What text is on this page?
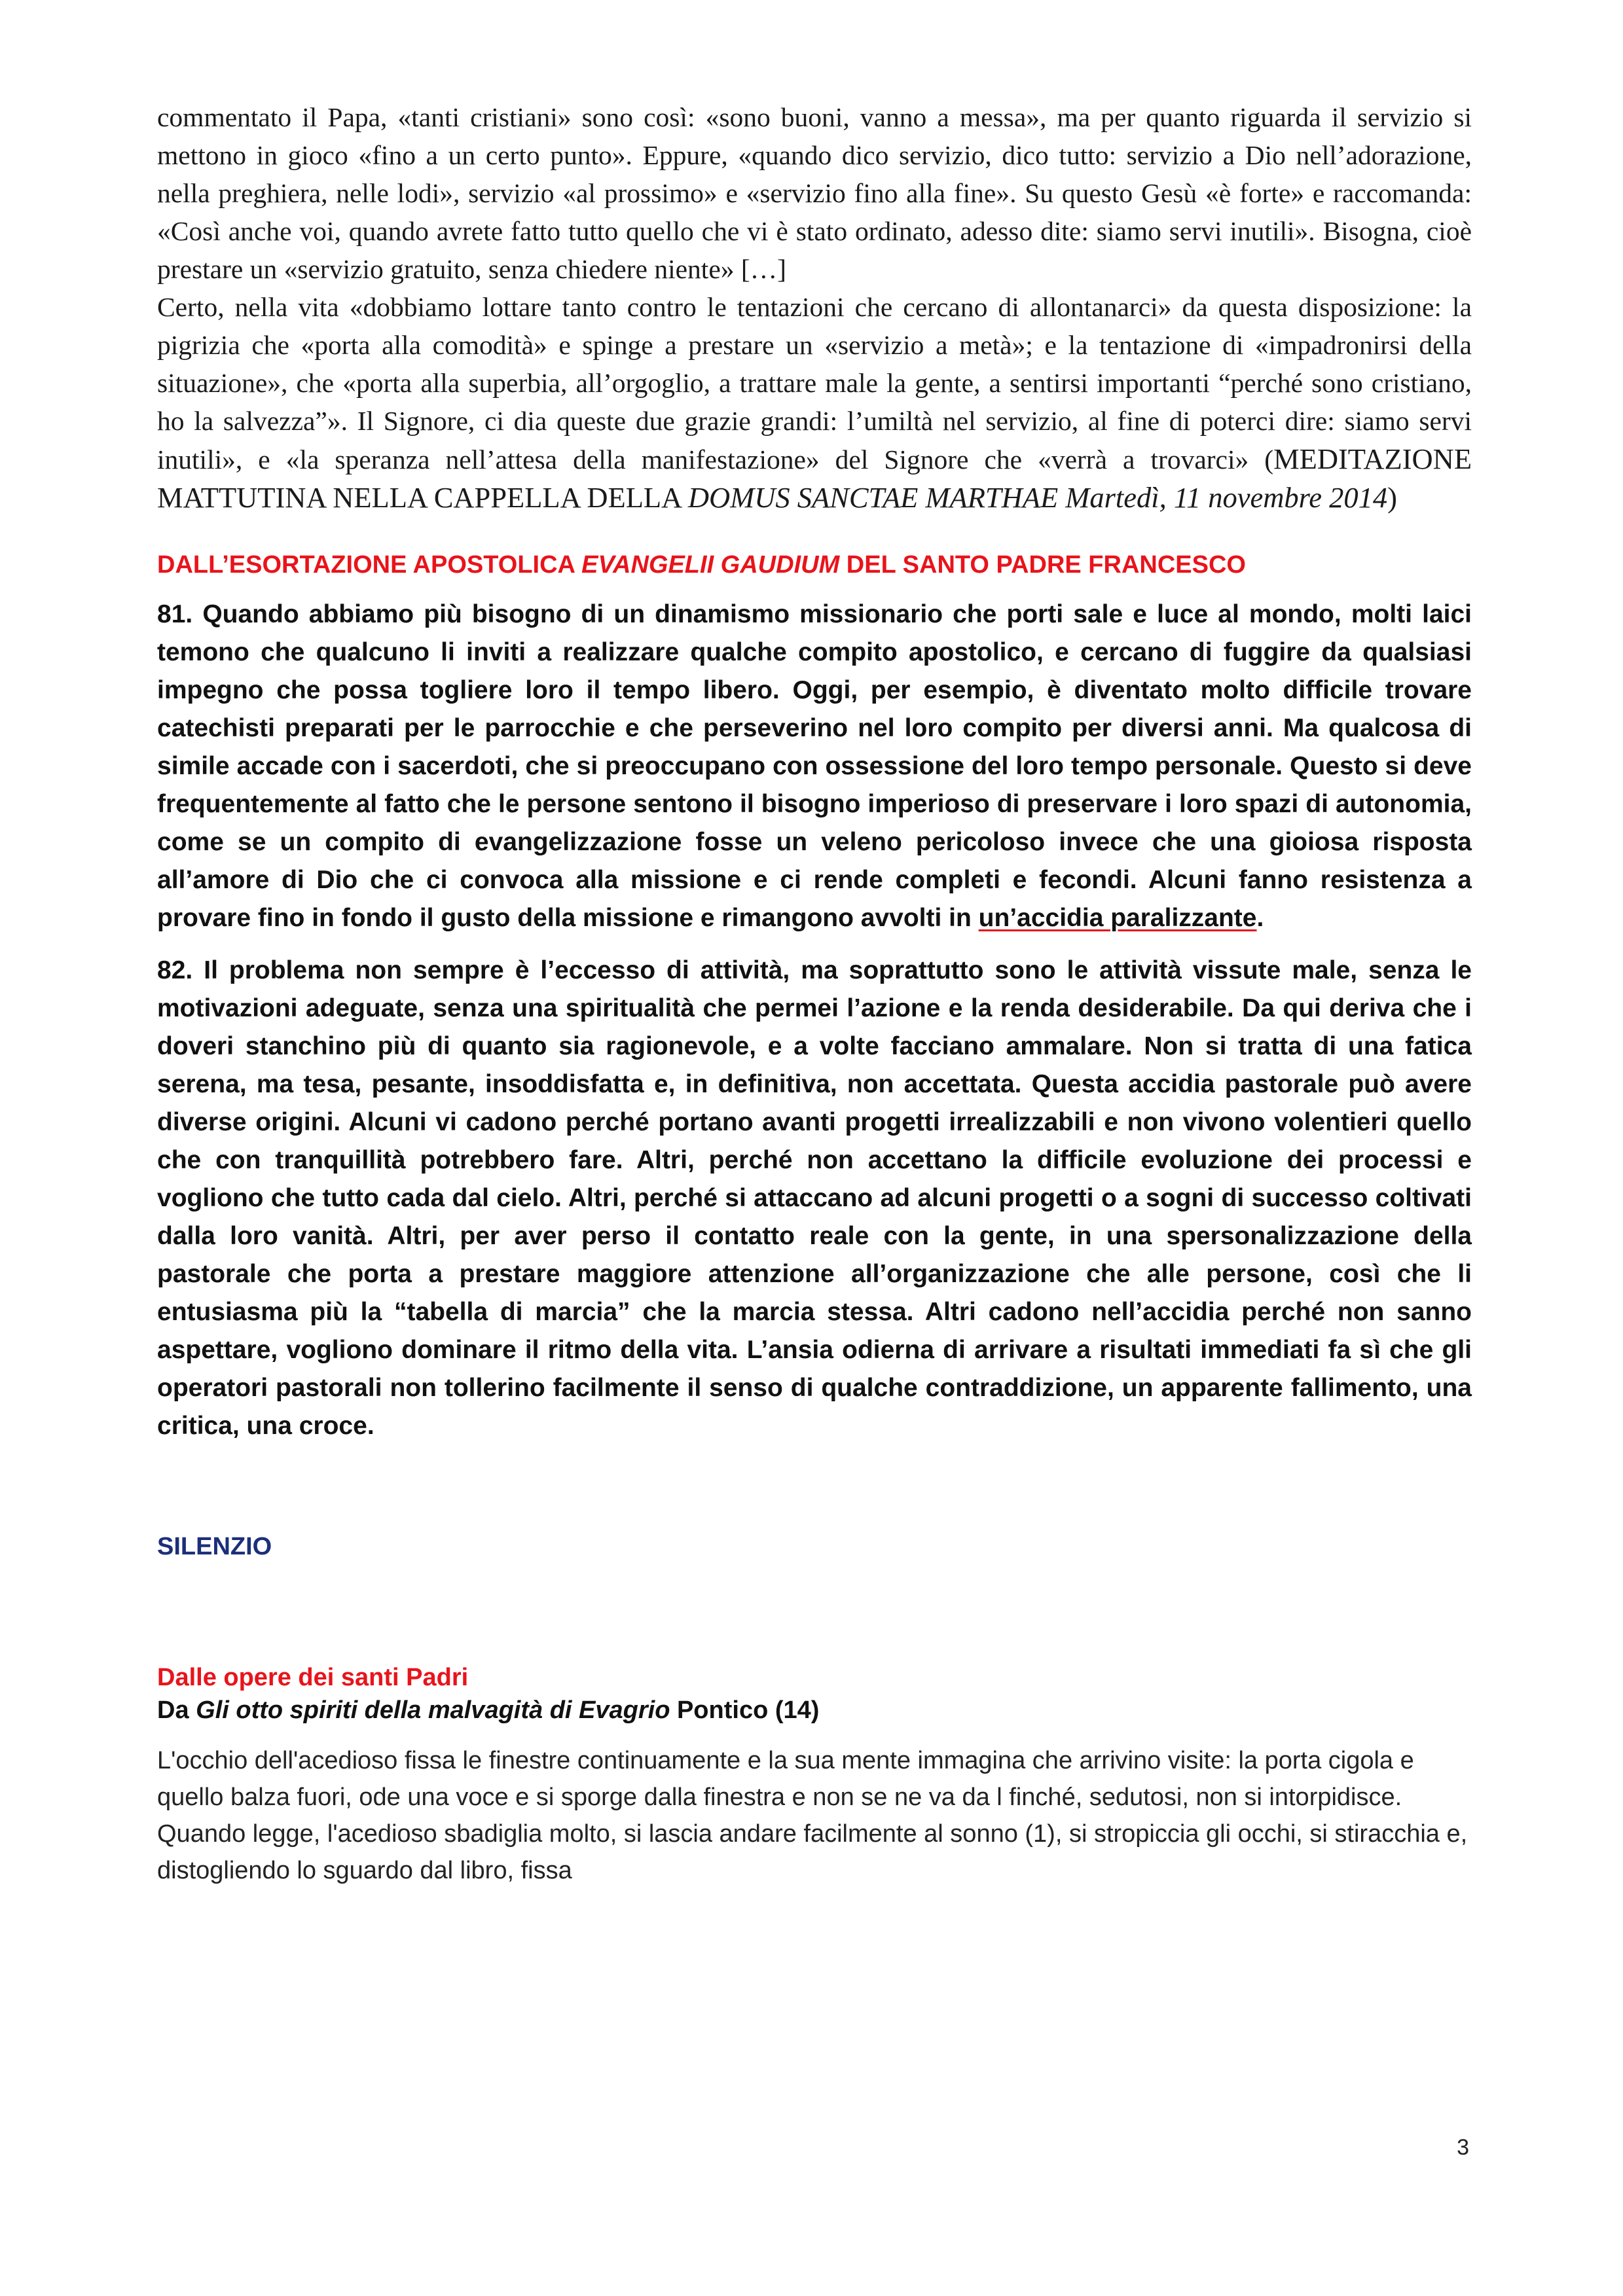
commentato il Papa, «tanti cristiani» sono così: «sono buoni, vanno a messa», ma per quanto riguarda il servizio si mettono in gioco «fino a un certo punto». Eppure, «quando dico servizio, dico tutto: servizio a Dio nell’adorazione, nella preghiera, nelle lodi», servizio «al prossimo» e «servizio fino alla fine». Su questo Gesù «è forte» e raccomanda: «Così anche voi, quando avrete fatto tutto quello che vi è stato ordinato, adesso dite: siamo servi inutili». Bisogna, cioè prestare un «servizio gratuito, senza chiedere niente» […]

Certo, nella vita «dobbiamo lottare tanto contro le tentazioni che cercano di allontanarci» da questa disposizione: la pigrizia che «porta alla comodità» e spinge a prestare un «servizio a metà»; e la tentazione di «impadronirsi della situazione», che «porta alla superbia, all’orgoglio, a trattare male la gente, a sentirsi importanti “perché sono cristiano, ho la salvezza”». Il Signore, ci dia queste due grazie grandi: l’umiltà nel servizio, al fine di poterci dire: siamo servi inutili», e «la speranza nell’attesa della manifestazione» del Signore che «verrà a trovarci» (MEDITAZIONE MATTUTINA NELLA CAPPELLA DELLA DOMUS SANCTAE MARTHAE Martedì, 11 novembre 2014)

DALL’ESORTAZIONE APOSTOLICA EVANGELII GAUDIUM DEL SANTO PADRE FRANCESCO

81. Quando abbiamo più bisogno di un dinamismo missionario che porti sale e luce al mondo, molti laici temono che qualcuno li inviti a realizzare qualche compito apostolico, e cercano di fuggire da qualsiasi impegno che possa togliere loro il tempo libero. Oggi, per esempio, è diventato molto difficile trovare catechisti preparati per le parrocchie e che perseverino nel loro compito per diversi anni. Ma qualcosa di simile accade con i sacerdoti, che si preoccupano con ossessione del loro tempo personale. Questo si deve frequentemente al fatto che le persone sentono il bisogno imperioso di preservare i loro spazi di autonomia, come se un compito di evangelizzazione fosse un veleno pericoloso invece che una gioiosa risposta all’amore di Dio che ci convoca alla missione e ci rende completi e fecondi. Alcuni fanno resistenza a provare fino in fondo il gusto della missione e rimangono avvolti in un’accidia paralizzante.

82. Il problema non sempre è l’eccesso di attività, ma soprattutto sono le attività vissute male, senza le motivazioni adeguate, senza una spiritualità che permei l’azione e la renda desiderabile. Da qui deriva che i doveri stanchino più di quanto sia ragionevole, e a volte facciano ammalare. Non si tratta di una fatica serena, ma tesa, pesante, insoddisfatta e, in definitiva, non accettata. Questa accidia pastorale può avere diverse origini. Alcuni vi cadono perché portano avanti progetti irrealizzabili e non vivono volentieri quello che con tranquillità potrebbero fare. Altri, perché non accettano la difficile evoluzione dei processi e vogliono che tutto cada dal cielo. Altri, perché si attaccano ad alcuni progetti o a sogni di successo coltivati dalla loro vanità. Altri, per aver perso il contatto reale con la gente, in una spersonalizzazione della pastorale che porta a prestare maggiore attenzione all’organizzazione che alle persone, così che li entusiasma più la “tabella di marcia” che la marcia stessa. Altri cadono nell’accidia perché non sanno aspettare, vogliono dominare il ritmo della vita. L’ansia odierna di arrivare a risultati immediati fa sì che gli operatori pastorali non tollerino facilmente il senso di qualche contraddizione, un apparente fallimento, una critica, una croce.

SILENZIO
Dalle opere dei santi Padri

Da Gli otto spiriti della malvagità di Evagrio Pontico (14)

L'occhio dell'acedioso fissa le finestre continuamente e la sua mente immagina che arrivino visite: la porta cigola e quello balza fuori, ode una voce e si sporge dalla finestra e non se ne va da l finché, sedutosi, non si intorpidisce. Quando legge, l'acedioso sbadiglia molto, si lascia andare facilmente al sonno (1), si stropiccia gli occhi, si stiracchia e, distogliendo lo sguardo dal libro, fissa

3
